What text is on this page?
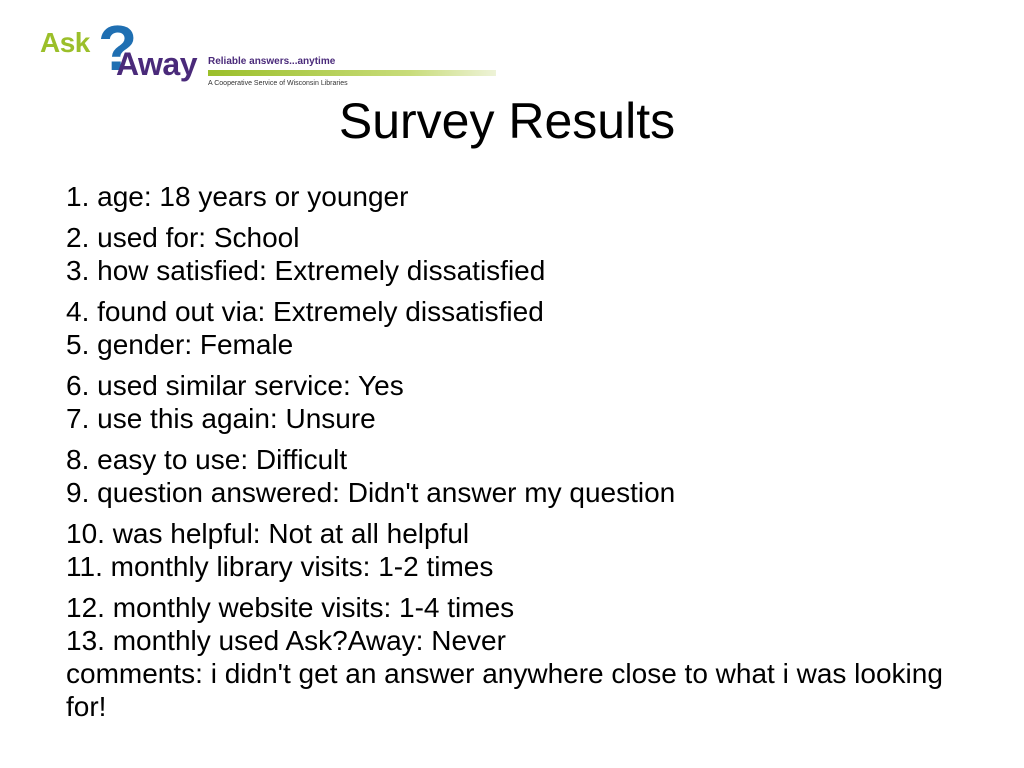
Ask ?
Away Reliable answers...anytime
A Cooperative Service of Wisconsin Libraries
Survey Results
1. age: 18 years or younger
2. used for: School
3. how satisfied: Extremely dissatisfied
4. found out via: Extremely dissatisfied
5. gender: Female
6. used similar service: Yes
7. use this again: Unsure
8. easy to use: Difficult
9. question answered: Didn't answer my question
10. was helpful: Not at all helpful
11. monthly library visits: 1-2 times
12. monthly website visits: 1-4 times
13. monthly used Ask?Away: Never
comments: i didn't get an answer anywhere close to what i was looking for!
